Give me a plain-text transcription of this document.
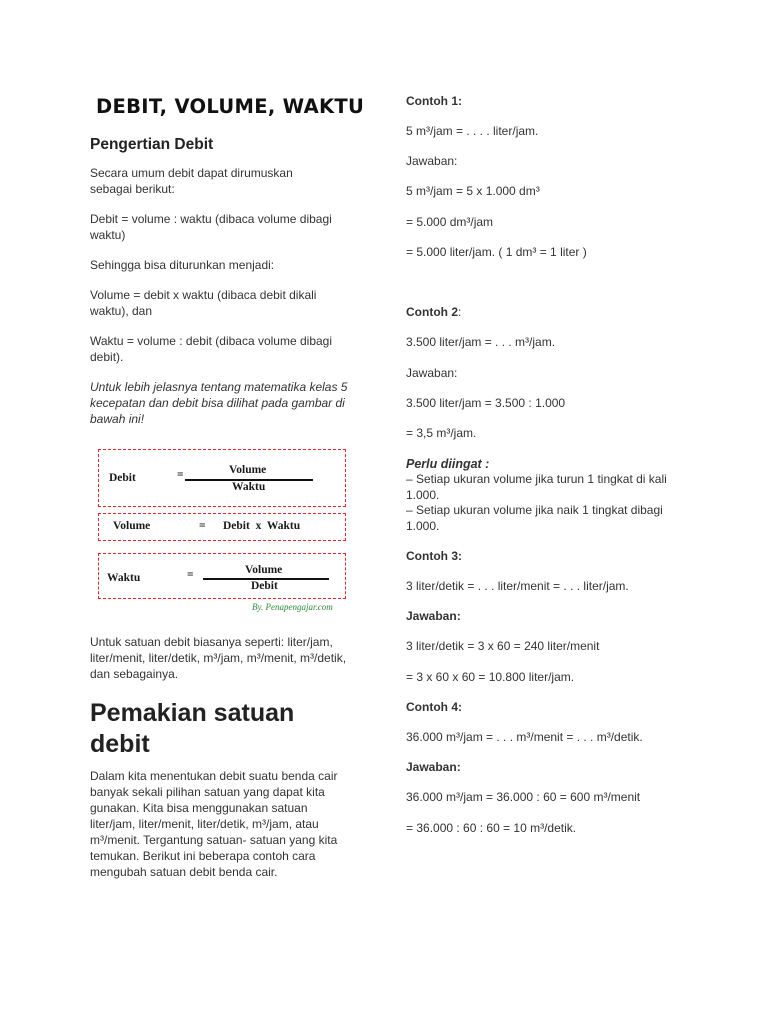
DEBIT, VOLUME, WAKTU
Pengertian Debit

Secara umum debit dapat dirumuskan sebagai berikut:

Debit = volume : waktu (dibaca volume dibagi waktu)

Sehingga bisa diturunkan menjadi:

Volume = debit x waktu (dibaca debit dikali waktu), dan

Waktu = volume : debit (dibaca volume dibagi debit).

Untuk lebih jelasnya tentang matematika kelas 5 kecepatan dan debit bisa dilihat pada gambar di bawah ini!

Debit	=	Volume
Waktu
Volume	= Debit  x  Waktu
Waktu	=	Volume
Debit
By. Penapengajar.com

Untuk satuan debit biasanya seperti: liter/jam, liter/menit, liter/detik, m³/jam, m³/menit, m³/detik, dan sebagainya.

Pemakian satuan debit

Dalam kita menentukan debit suatu benda cair banyak sekali pilihan satuan yang dapat kita gunakan. Kita bisa menggunakan satuan liter/jam, liter/menit, liter/detik, m³/jam, atau m³/menit. Tergantung satuan- satuan yang kita temukan. Berikut ini beberapa contoh cara mengubah satuan debit benda cair.

Contoh 1:

5 m³/jam = . . . . liter/jam.

Jawaban:

5 m³/jam = 5 x 1.000 dm³

= 5.000 dm³/jam

= 5.000 liter/jam. ( 1 dm³ = 1 liter )

Contoh 2:

3.500 liter/jam = . . . m³/jam.

Jawaban:

3.500 liter/jam = 3.500 : 1.000

= 3,5 m³/jam.

Perlu diingat :

– Setiap ukuran volume jika turun 1 tingkat di kali 1.000.

– Setiap ukuran volume jika naik 1 tingkat dibagi 1.000.

Contoh 3:

3 liter/detik = . . . liter/menit = . . . liter/jam.

Jawaban:

3 liter/detik = 3 x 60 = 240 liter/menit

= 3 x 60 x 60 = 10.800 liter/jam.

Contoh 4:

36.000 m³/jam = . . . m³/menit = . . . m³/detik.

Jawaban:

36.000 m³/jam = 36.000 : 60 = 600 m³/menit

= 36.000 : 60 : 60 = 10 m³/detik.
